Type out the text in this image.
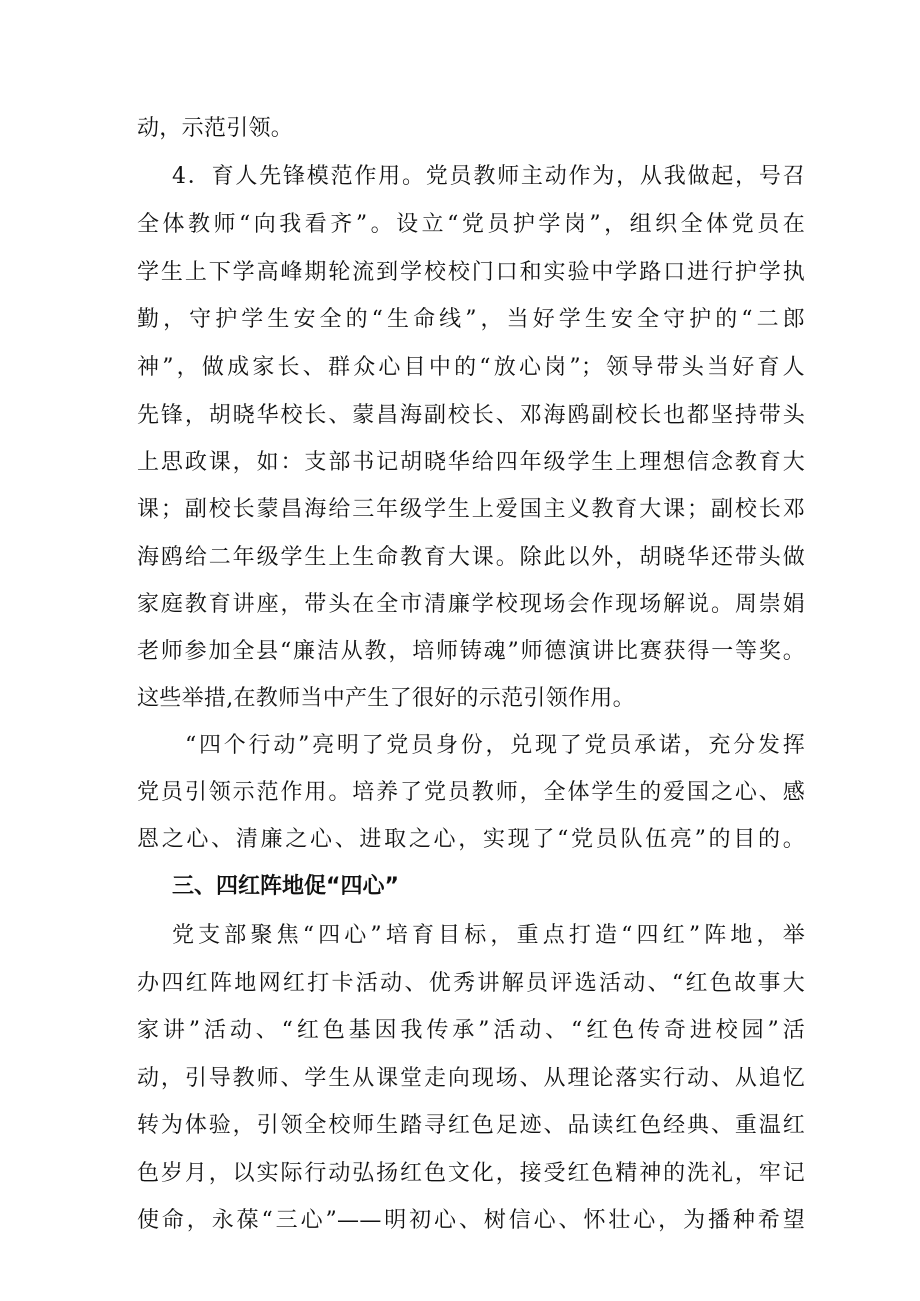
动，示范引领。
4．育人先锋模范作用。党员教师主动作为，从我做起，号召
全体教师“向我看齐”。设立“党员护学岗”，组织全体党员在
学生上下学高峰期轮流到学校校门口和实验中学路口进行护学执
勤，守护学生安全的“生命线”，当好学生安全守护的“二郎
神”，做成家长、群众心目中的“放心岗”；领导带头当好育人
先锋，胡晓华校长、蒙昌海副校长、邓海鸥副校长也都坚持带头
上思政课，如：支部书记胡晓华给四年级学生上理想信念教育大
课；副校长蒙昌海给三年级学生上爱国主义教育大课；副校长邓
海鸥给二年级学生上生命教育大课。除此以外，胡晓华还带头做
家庭教育讲座，带头在全市清廉学校现场会作现场解说。周崇娟
老师参加全县“廉洁从教，培师铸魂”师德演讲比赛获得一等奖。
这些举措,在教师当中产生了很好的示范引领作用。
“四个行动”亮明了党员身份，兑现了党员承诺，充分发挥
党员引领示范作用。培养了党员教师，全体学生的爱国之心、感
恩之心、清廉之心、进取之心，实现了“党员队伍亮”的目的。
三、四红阵地促“四心”
党支部聚焦“四心”培育目标，重点打造“四红”阵地，举
办四红阵地网红打卡活动、优秀讲解员评选活动、“红色故事大
家讲”活动、“红色基因我传承”活动、“红色传奇进校园”活
动，引导教师、学生从课堂走向现场、从理论落实行动、从追忆
转为体验，引领全校师生踏寻红色足迹、品读红色经典、重温红
色岁月，以实际行动弘扬红色文化，接受红色精神的洗礼，牢记
使命，永葆“三心”——明初心、树信心、怀壮心，为播种希望
